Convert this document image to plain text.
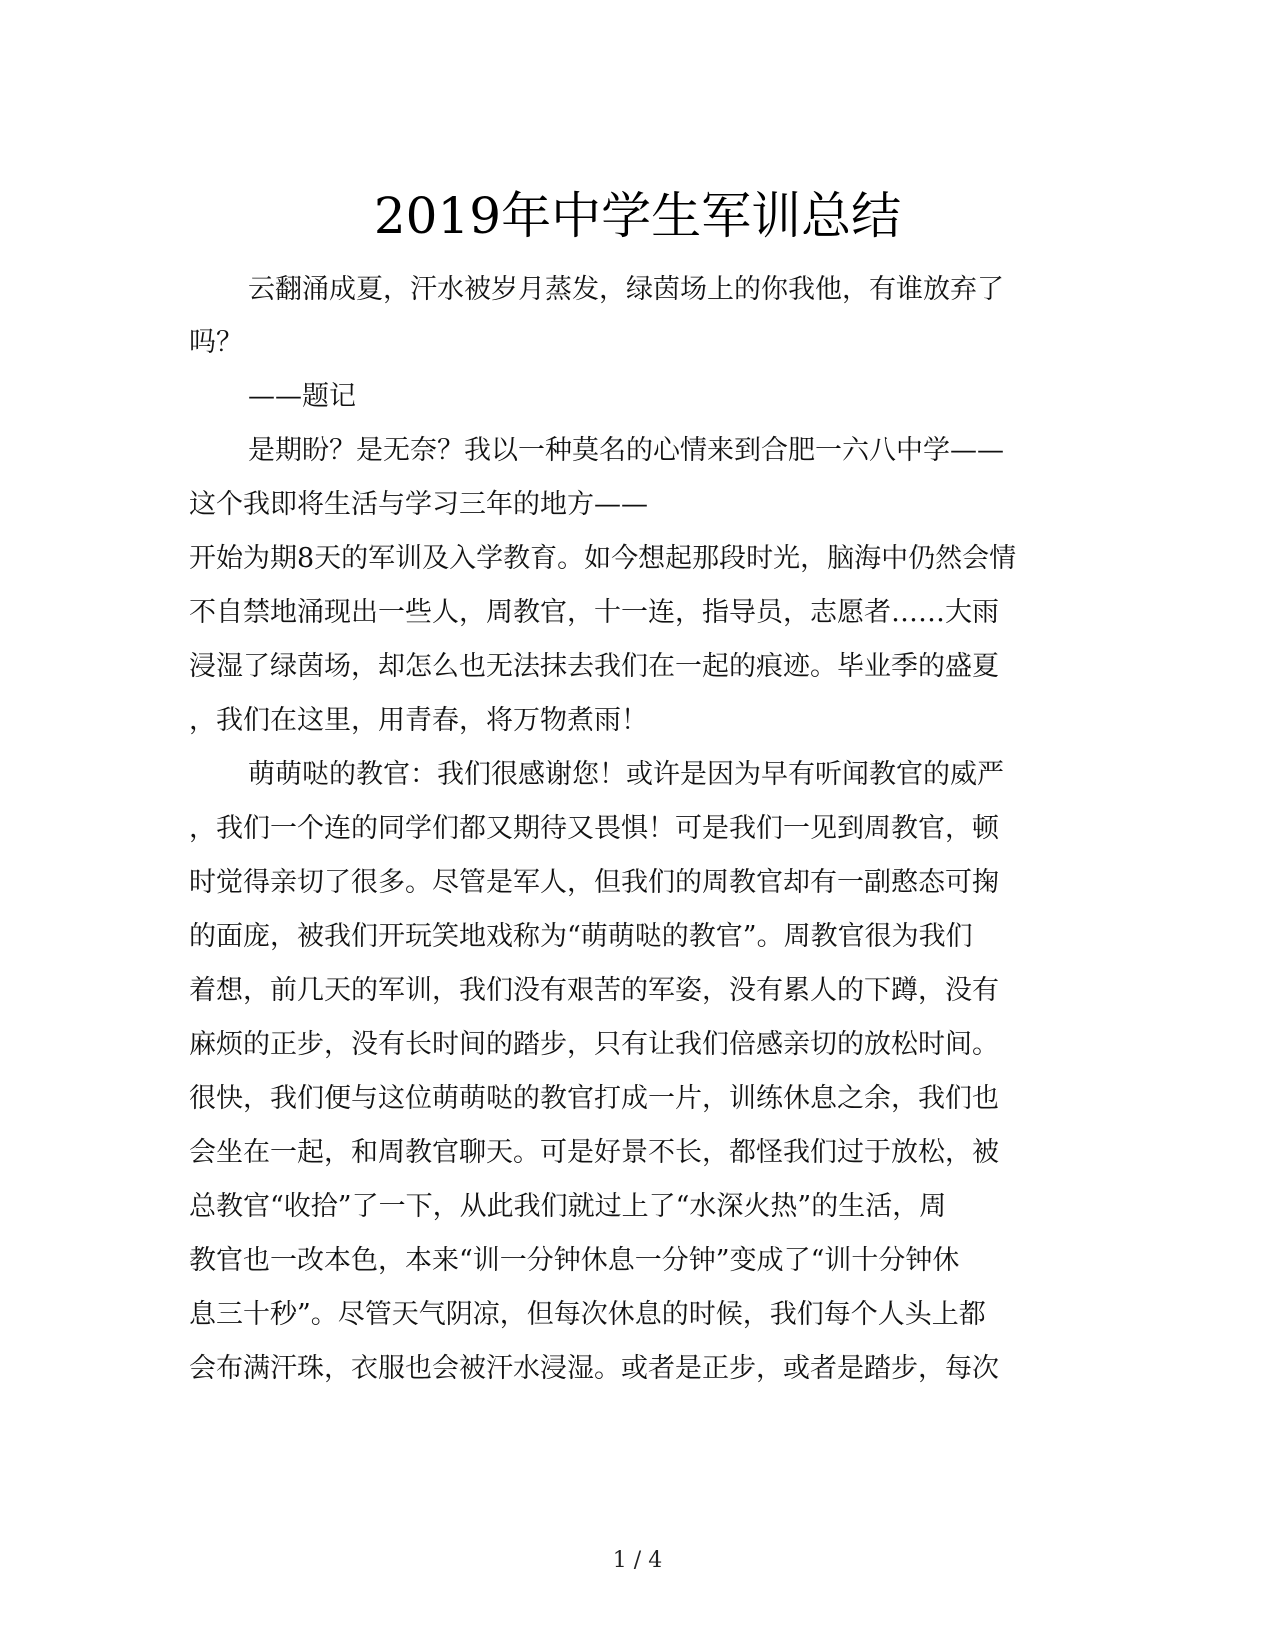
2019年中学生军训总结
云翻涌成夏，汗水被岁月蒸发，绿茵场上的你我他，有谁放弃了
吗？
——题记
是期盼？是无奈？我以一种莫名的心情来到合肥一六八中学——
这个我即将生活与学习三年的地方——
开始为期8天的军训及入学教育。如今想起那段时光，脑海中仍然会情
不自禁地涌现出一些人，周教官，十一连，指导员，志愿者……大雨
浸湿了绿茵场，却怎么也无法抹去我们在一起的痕迹。毕业季的盛夏
，我们在这里，用青春，将万物煮雨！
萌萌哒的教官：我们很感谢您！或许是因为早有听闻教官的威严
，我们一个连的同学们都又期待又畏惧！可是我们一见到周教官，顿
时觉得亲切了很多。尽管是军人，但我们的周教官却有一副憨态可掬
的面庞，被我们开玩笑地戏称为“萌萌哒的教官”。周教官很为我们
着想，前几天的军训，我们没有艰苦的军姿，没有累人的下蹲，没有
麻烦的正步，没有长时间的踏步，只有让我们倍感亲切的放松时间。
很快，我们便与这位萌萌哒的教官打成一片，训练休息之余，我们也
会坐在一起，和周教官聊天。可是好景不长，都怪我们过于放松，被
总教官“收拾”了一下，从此我们就过上了“水深火热”的生活，周
教官也一改本色，本来“训一分钟休息一分钟”变成了“训十分钟休
息三十秒”。尽管天气阴凉，但每次休息的时候，我们每个人头上都
会布满汗珠，衣服也会被汗水浸湿。或者是正步，或者是踏步，每次
1 / 4
